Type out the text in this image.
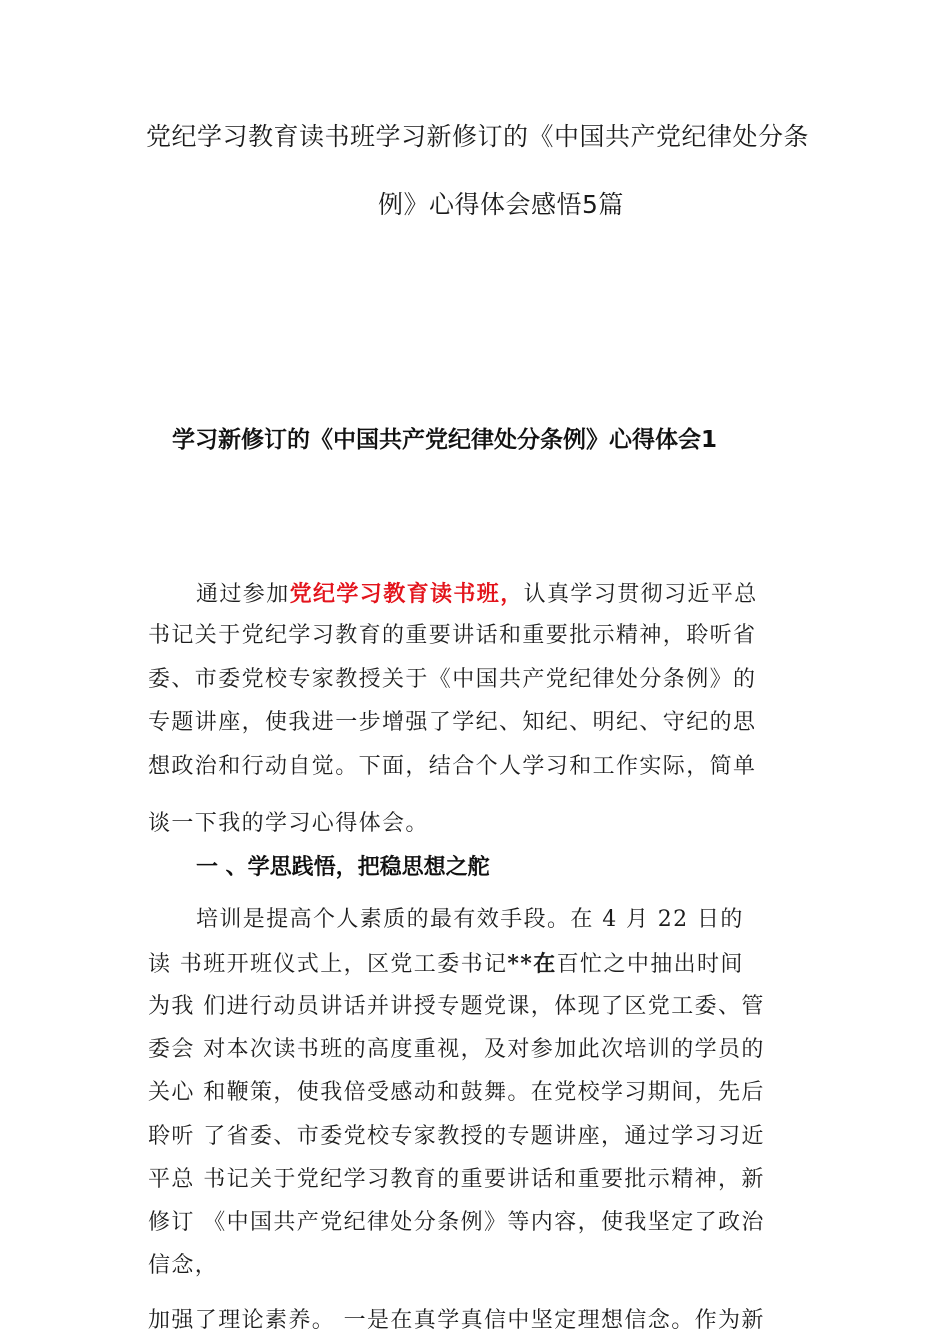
党纪学习教育读书班学习新修订的《中国共产党纪律处分条
例》心得体会感悟5篇
学习新修订的《中国共产党纪律处分条例》心得体会1
通过参加党纪学习教育读书班，认真学习贯彻习近平总
书记关于党纪学习教育的重要讲话和重要批示精神，聆听省
委、市委党校专家教授关于《中国共产党纪律处分条例》的
专题讲座，使我进一步增强了学纪、知纪、明纪、守纪的思
想政治和行动自觉。下面，结合个人学习和工作实际，简单
谈一下我的学习心得体会。
一 、学思践悟，把稳思想之舵
培训是提高个人素质的最有效手段。在 4 月 22 日的
读 书班开班仪式上，区党工委书记**在百忙之中抽出时间
为我 们进行动员讲话并讲授专题党课，体现了区党工委、管
委会 对本次读书班的高度重视，及对参加此次培训的学员的
关心 和鞭策，使我倍受感动和鼓舞。在党校学习期间，先后
聆听 了省委、市委党校专家教授的专题讲座，通过学习习近
平总 书记关于党纪学习教育的重要讲话和重要批示精神，新
修订 《中国共产党纪律处分条例》等内容，使我坚定了政治
信念，
加强了理论素养。 一是在真学真信中坚定理想信念。作为新
